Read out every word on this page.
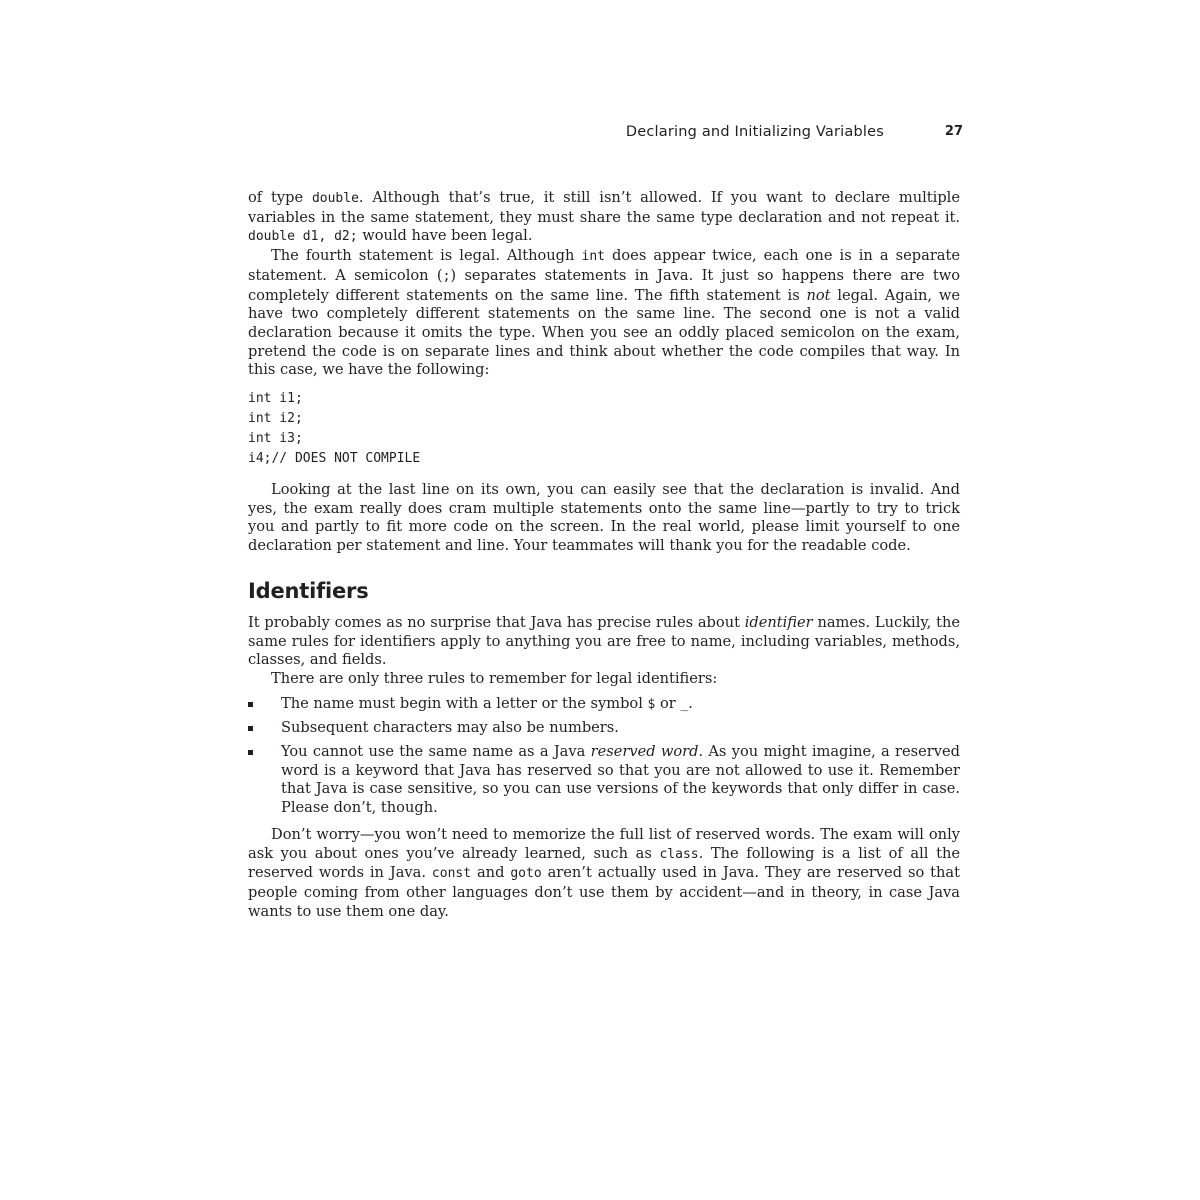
Declaring and Initializing Variables	27

of type double. Although that’s true, it still isn’t allowed. If you want to declare multiple variables in the same statement, they must share the same type declaration and not repeat it. double d1, d2; would have been legal.

The fourth statement is legal. Although int does appear twice, each one is in a separate statement. A semicolon (;) separates statements in Java. It just so happens there are two completely different statements on the same line. The fifth statement is not legal. Again, we have two completely different statements on the same line. The second one is not a valid declaration because it omits the type. When you see an oddly placed semicolon on the exam, pretend the code is on separate lines and think about whether the code compiles that way. In this case, we have the following:

int i1;
int i2;
int i3;
i4;// DOES NOT COMPILE

Looking at the last line on its own, you can easily see that the declaration is invalid. And yes, the exam really does cram multiple statements onto the same line—partly to try to trick you and partly to fit more code on the screen. In the real world, please limit yourself to one declaration per statement and line. Your teammates will thank you for the readable code.

Identifiers

It probably comes as no surprise that Java has precise rules about identifier names. Luckily, the same rules for identifiers apply to anything you are free to name, including variables, methods, classes, and fields.

There are only three rules to remember for legal identifiers:

The name must begin with a letter or the symbol $ or _.
Subsequent characters may also be numbers.
You cannot use the same name as a Java reserved word. As you might imagine, a reserved word is a keyword that Java has reserved so that you are not allowed to use it. Remember that Java is case sensitive, so you can use versions of the keywords that only differ in case. Please don’t, though.

Don’t worry—you won’t need to memorize the full list of reserved words. The exam will only ask you about ones you’ve already learned, such as class. The following is a list of all the reserved words in Java. const and goto aren’t actually used in Java. They are reserved so that people coming from other languages don’t use them by accident—and in theory, in case Java wants to use them one day.
